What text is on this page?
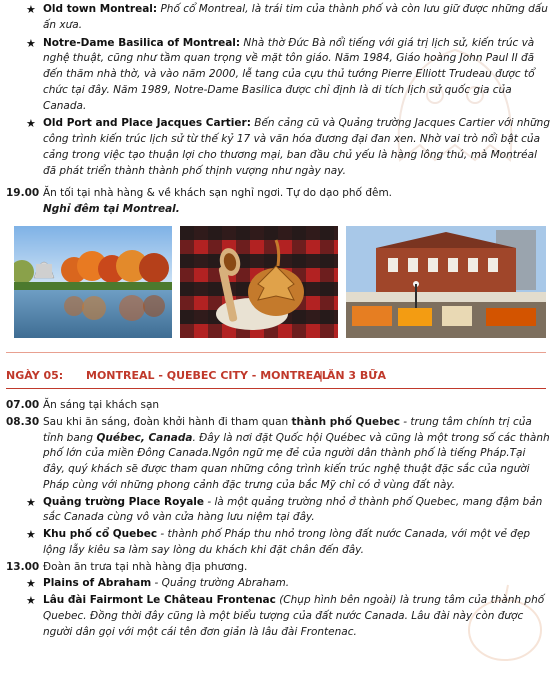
★ Old town Montreal: Phố cổ Montreal, là trái tim của thành phố và còn lưu giữ được những dấu ấn xưa.
★ Notre-Dame Basilica of Montreal: Nhà thờ Đức Bà nổi tiếng với giá trị lịch sử, kiến trúc và nghệ thuật, cũng như tầm quan trọng về mặt tôn giáo. Năm 1984, Giáo hoàng John Paul II đã đến thăm nhà thờ, và vào năm 2000, lễ tang của cựu thủ tướng Pierre Elliott Trudeau được tổ chức tại đây. Năm 1989, Notre-Dame Basilica được chỉ định là di tích lịch sử quốc gia của Canada.
★ Old Port and Place Jacques Cartier: Bến cảng cũ và Quảng trường Jacques Cartier với những công trình kiến trúc lịch sử từ thế kỷ 17 và văn hóa đương đại đan xen. Nhờ vai trò nổi bật của cảng trong việc tạo thuận lợi cho thương mại, ban đầu chủ yếu là hàng lông thú, mà Montréal đã phát triển thành thành phố thịnh vượng như ngày nay.
19.00 Ăn tối tại nhà hàng & về khách sạn nghỉ ngơi. Tự do dạo phố đêm.
Nghỉ đêm tại Montreal.
NGÀY 05: MONTREAL - QUEBEC CITY - MONTREAL
| ĂN 3 BỮA
07.00 Ăn sáng tại khách sạn
08.30 Sau khi ăn sáng, đoàn khởi hành đi tham quan thành phố Quebec - trung tâm chính trị của tỉnh bang Québec, Canada. Đây là nơi đặt Quốc hội Québec và cũng là một trong số các thành phố lớn của miền Đông Canada.Ngôn ngữ mẹ đẻ của người dân thành phố là tiếng Pháp.Tại đây, quý khách sẽ được tham quan những công trình kiến trúc nghệ thuật đặc sắc của người Pháp cùng với những phong cảnh đặc trưng của bắc Mỹ chỉ có ở vùng đất này.
★ Quảng trường Place Royale - là một quảng trường nhỏ ở thành phố Quebec, mang đậm bản sắc Canada cùng vô vàn cửa hàng lưu niệm tại đây.
★ Khu phố cổ Quebec - thành phố Pháp thu nhỏ trong lòng đất nước Canada, với một vẻ đẹp lộng lẫy kiêu sa làm say lòng du khách khi đặt chân đến đây.
13.00 Đoàn ăn trưa tại nhà hàng địa phương.
★ Plains of Abraham - Quảng trường Abraham.
★ Lâu đài Fairmont Le Château Frontenac (Chụp hình bên ngoài) là trung tâm của thành phố Quebec. Đồng thời đây cũng là một biểu tượng của đất nước Canada. Lâu đài này còn được người dân gọi với một cái tên đơn giản là lâu đài Frontenac.
